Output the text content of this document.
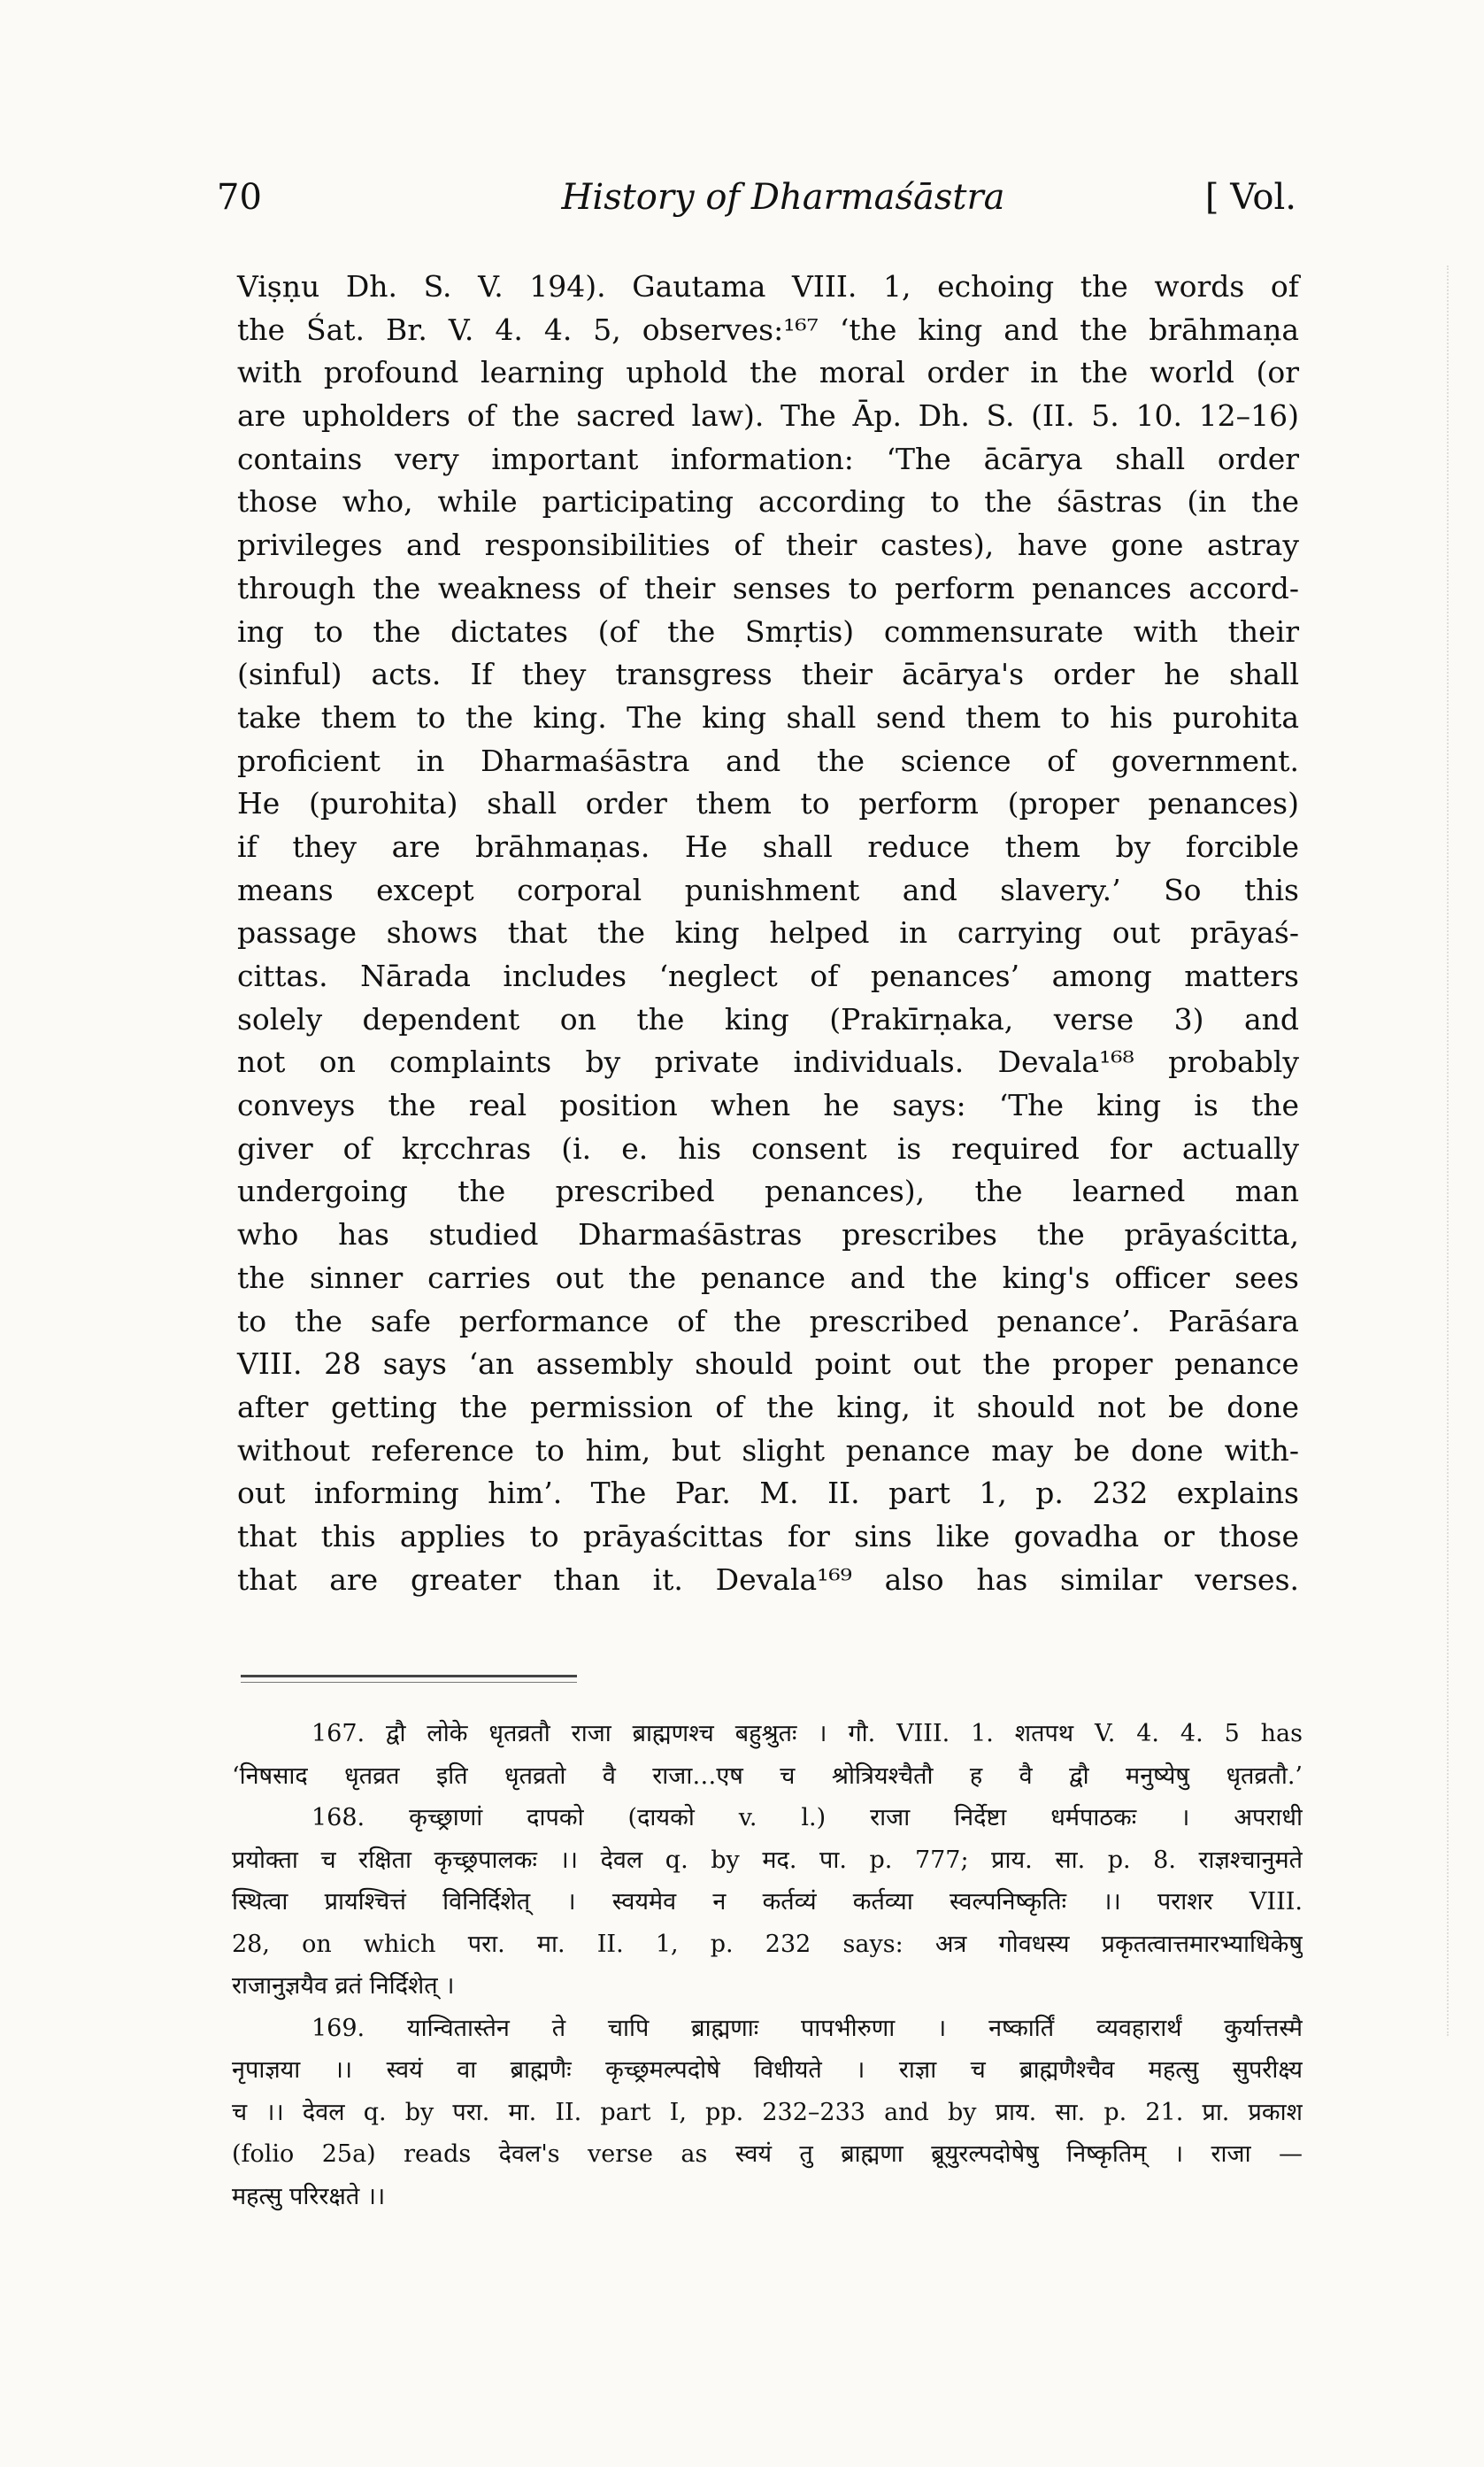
70	History of Dharmaśāstra	[ Vol.
Viṣṇu Dh. S. V. 194). Gautama VIII. 1, echoing the words of
the Śat. Br. V. 4. 4. 5, observes:¹⁶⁷ ‘the king and the brāhmaṇa
with profound learning uphold the moral order in the world (or
are upholders of the sacred law). The Āp. Dh. S. (II. 5. 10. 12–16)
contains very important information: ‘The ācārya shall order
those who, while participating according to the śāstras (in the
privileges and responsibilities of their castes), have gone astray
through the weakness of their senses to perform penances accord-
ing to the dictates (of the Smṛtis) commensurate with their
(sinful) acts. If they transgress their ācārya's order he shall
take them to the king. The king shall send them to his purohita
proficient in Dharmaśāstra and the science of government.
He (purohita) shall order them to perform (proper penances)
if they are brāhmaṇas. He shall reduce them by forcible
means except corporal punishment and slavery.’ So this
passage shows that the king helped in carrying out prāyaś-
cittas. Nārada includes ‘neglect of penances’ among matters
solely dependent on the king (Prakīrṇaka, verse 3) and
not on complaints by private individuals. Devala¹⁶⁸ probably
conveys the real position when he says: ‘The king is the
giver of kṛcchras (i. e. his consent is required for actually
undergoing the prescribed penances), the learned man
who has studied Dharmaśāstras prescribes the prāyaścitta,
the sinner carries out the penance and the king's officer sees
to the safe performance of the prescribed penance’. Parāśara
VIII. 28 says ‘an assembly should point out the proper penance
after getting the permission of the king, it should not be done
without reference to him, but slight penance may be done with-
out informing him’. The Par. M. II. part 1, p. 232 explains
that this applies to prāyaścittas for sins like govadha or those
that are greater than it. Devala¹⁶⁹ also has similar verses.
167. द्वौ लोके धृतव्रतौ राजा ब्राह्मणश्च बहुश्रुतः । गौ. VIII. 1. शतपथ V. 4. 4. 5 has
‘निषसाद धृतव्रत इति धृतव्रतो वै राजा…एष च श्रोत्रियश्चैतौ ह वै द्वौ मनुष्येषु धृतव्रतौ.’
168. कृच्छ्राणां दापको (दायको v. l.) राजा निर्देष्टा धर्मपाठकः । अपराधी
प्रयोक्ता च रक्षिता कृच्छ्रपालकः ।। देवल q. by मद. पा. p. 777; प्राय. सा. p. 8. राज्ञश्चानुमते
स्थित्वा प्रायश्चित्तं विनिर्दिशेत् । स्वयमेव न कर्तव्यं कर्तव्या स्वल्पनिष्कृतिः ।। पराशर VIII.
28, on which परा. मा. II. 1, p. 232 says: अत्र गोवधस्य प्रकृतत्वात्तमारभ्याधिकेषु
राजानुज्ञयैव व्रतं निर्दिशेत् ।
169. यान्वितास्तेन ते चापि ब्राह्मणाः पापभीरुणा । नष्कार्तिं व्यवहारार्थं कुर्यात्तस्मै
नृपाज्ञया ।। स्वयं वा ब्राह्मणैः कृच्छ्रमल्पदोषे विधीयते । राज्ञा च ब्राह्मणैश्चैव महत्सु सुपरीक्ष्य
च ।। देवल q. by परा. मा. II. part I, pp. 232–233 and by प्राय. सा. p. 21. प्रा. प्रकाश
(folio 25a) reads देवल's verse as स्वयं तु ब्राह्मणा ब्रूयुरल्पदोषेषु निष्कृतिम् । राजा —
महत्सु परिरक्षते ।।
